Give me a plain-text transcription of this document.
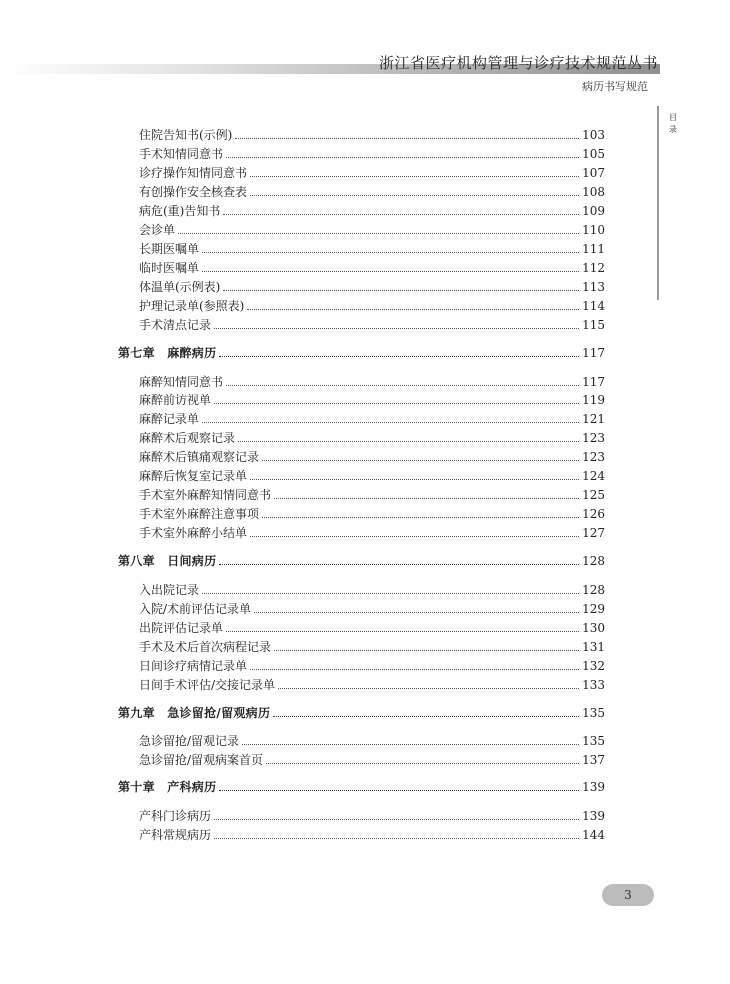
浙江省医疗机构管理与诊疗技术规范丛书
病历书写规范
目 录
住院告知书(示例)	103
手术知情同意书	105
诊疗操作知情同意书	107
有创操作安全核查表	108
病危(重)告知书	109
会诊单	110
长期医嘱单	111
临时医嘱单	112
体温单(示例表)	113
护理记录单(参照表)	114
手术清点记录	115
第七章　麻醉病历	117
麻醉知情同意书	117
麻醉前访视单	119
麻醉记录单	121
麻醉术后观察记录	123
麻醉术后镇痛观察记录	123
麻醉后恢复室记录单	124
手术室外麻醉知情同意书	125
手术室外麻醉注意事项	126
手术室外麻醉小结单	127
第八章　日间病历	128
入出院记录	128
入院/术前评估记录单	129
出院评估记录单	130
手术及术后首次病程记录	131
日间诊疗病情记录单	132
日间手术评估/交接记录单	133
第九章　急诊留抢/留观病历	135
急诊留抢/留观记录	135
急诊留抢/留观病案首页	137
第十章　产科病历	139
产科门诊病历	139
产科常规病历	144
3
